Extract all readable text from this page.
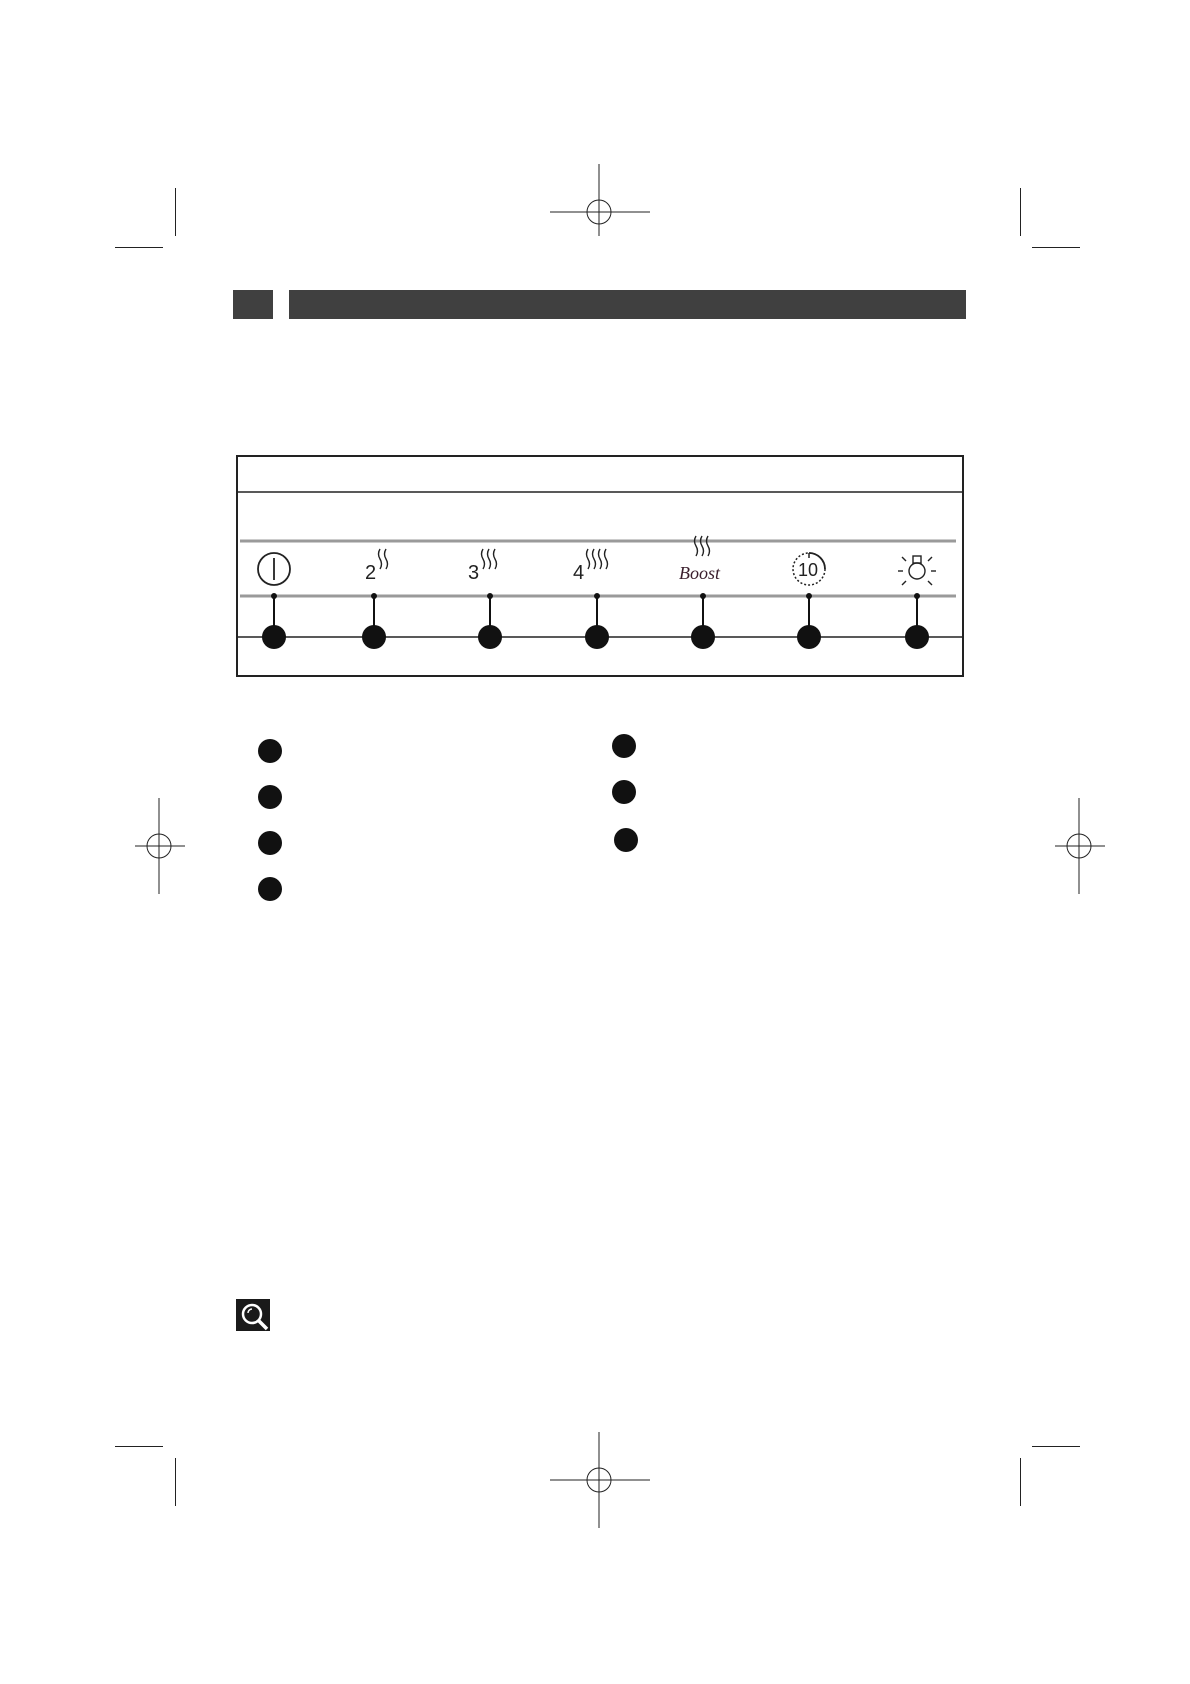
2	3	4	Boost	10
